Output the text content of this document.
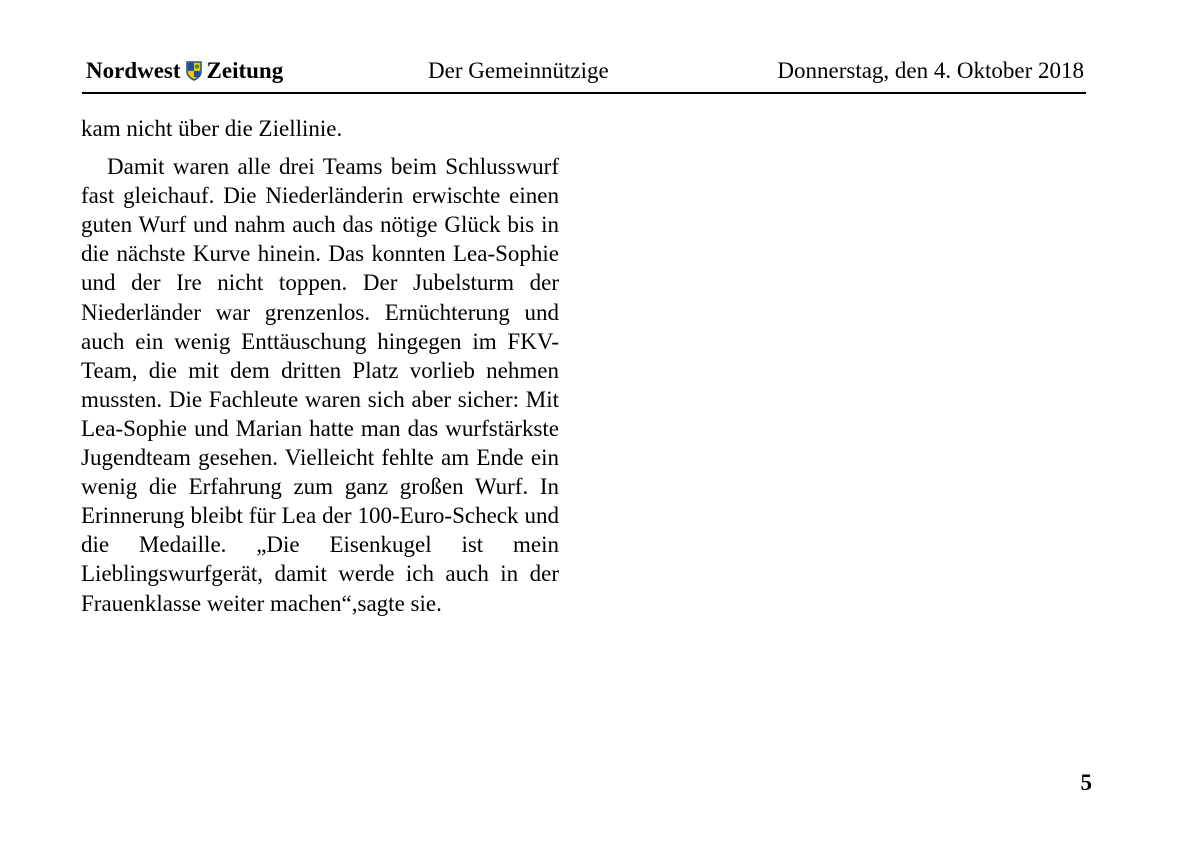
Nordwest Zeitung	Der Gemeinnützige	Donnerstag, den 4. Oktober 2018

kam nicht über die Ziellinie.

Damit waren alle drei Teams beim Schlusswurf fast gleichauf. Die Niederländerin erwischte einen guten Wurf und nahm auch das nötige Glück bis in die nächste Kurve hinein. Das konnten Lea-Sophie und der Ire nicht toppen. Der Jubelsturm der Niederländer war grenzenlos. Ernüchterung und auch ein wenig Enttäuschung hingegen im FKV-Team, die mit dem dritten Platz vorlieb nehmen mussten. Die Fachleute waren sich aber sicher: Mit Lea-Sophie und Marian hatte man das wurfstärkste Jugendteam gesehen. Vielleicht fehlte am Ende ein wenig die Erfahrung zum ganz großen Wurf. In Erinnerung bleibt für Lea der 100-Euro-Scheck und die Medaille. „Die Eisenkugel ist mein Lieblingswurfgerät, damit werde ich auch in der Frauenklasse weiter machen“,sagte sie.

5
